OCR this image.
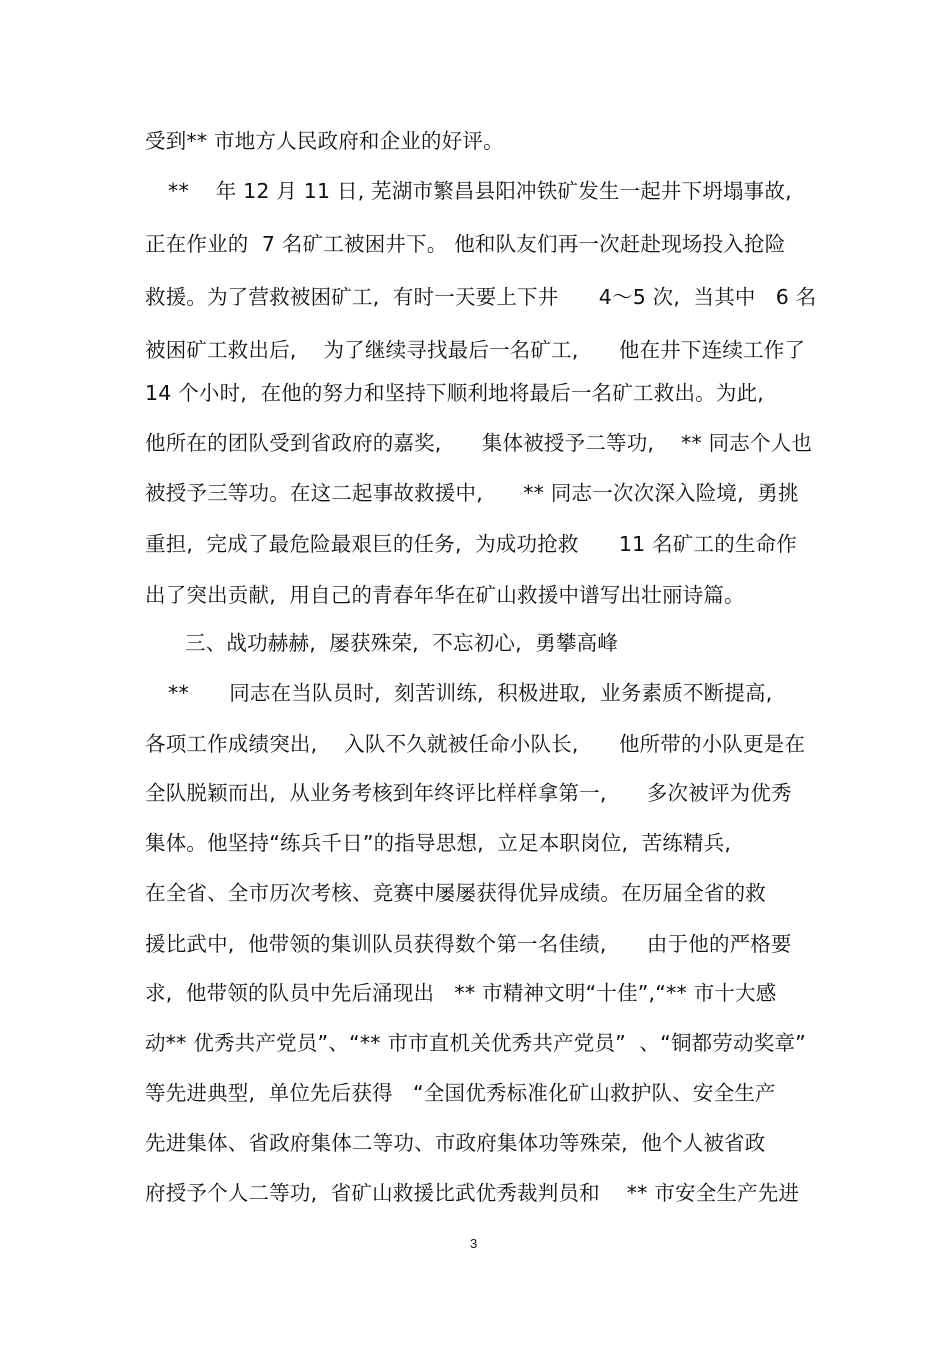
受到** 市地方人民政府和企业的好评。
**    年 12 月 11 日, 芜湖市繁昌县阳冲铁矿发生一起井下坍塌事故,
正在作业的  7 名矿工被困井下。 他和队友们再一次赶赴现场投入抢险
救援。为了营救被困矿工,  有时一天要上下井      4～5 次,  当其中   6 名
被困矿工救出后,    为了继续寻找最后一名矿工,      他在井下连续工作了
14 个小时,  在他的努力和坚持下顺利地将最后一名矿工救出。为此,
他所在的团队受到省政府的嘉奖,      集体被授予二等功,    ** 同志个人也
被授予三等功。在这二起事故救援中,      ** 同志一次次深入险境,  勇挑
重担,  完成了最危险最艰巨的任务,  为成功抢救      11 名矿工的生命作
出了突出贡献,  用自己的青春年华在矿山救援中谱写出壮丽诗篇。
三、战功赫赫,  屡获殊荣,  不忘初心,  勇攀高峰
**      同志在当队员时,  刻苦训练,  积极进取,  业务素质不断提高,
各项工作成绩突出,    入队不久就被任命小队长,      他所带的小队更是在
全队脱颖而出,  从业务考核到年终评比样样拿第一,      多次被评为优秀
集体。他坚持“练兵千日”的指导思想,  立足本职岗位,  苦练精兵,
在全省、全市历次考核、竞赛中屡屡获得优异成绩。在历届全省的救
援比武中,  他带领的集训队员获得数个第一名佳绩,      由于他的严格要
求,  他带领的队员中先后涌现出   ** 市精神文明“十佳”,“** 市十大感
动** 优秀共产党员”、“** 市市直机关优秀共产党员”  、“铜都劳动奖章”
等先进典型,  单位先后获得   “全国优秀标准化矿山救护队、安全生产
先进集体、省政府集体二等功、市政府集体功等殊荣,  他个人被省政
府授予个人二等功,  省矿山救援比武优秀裁判员和    ** 市安全生产先进
3
